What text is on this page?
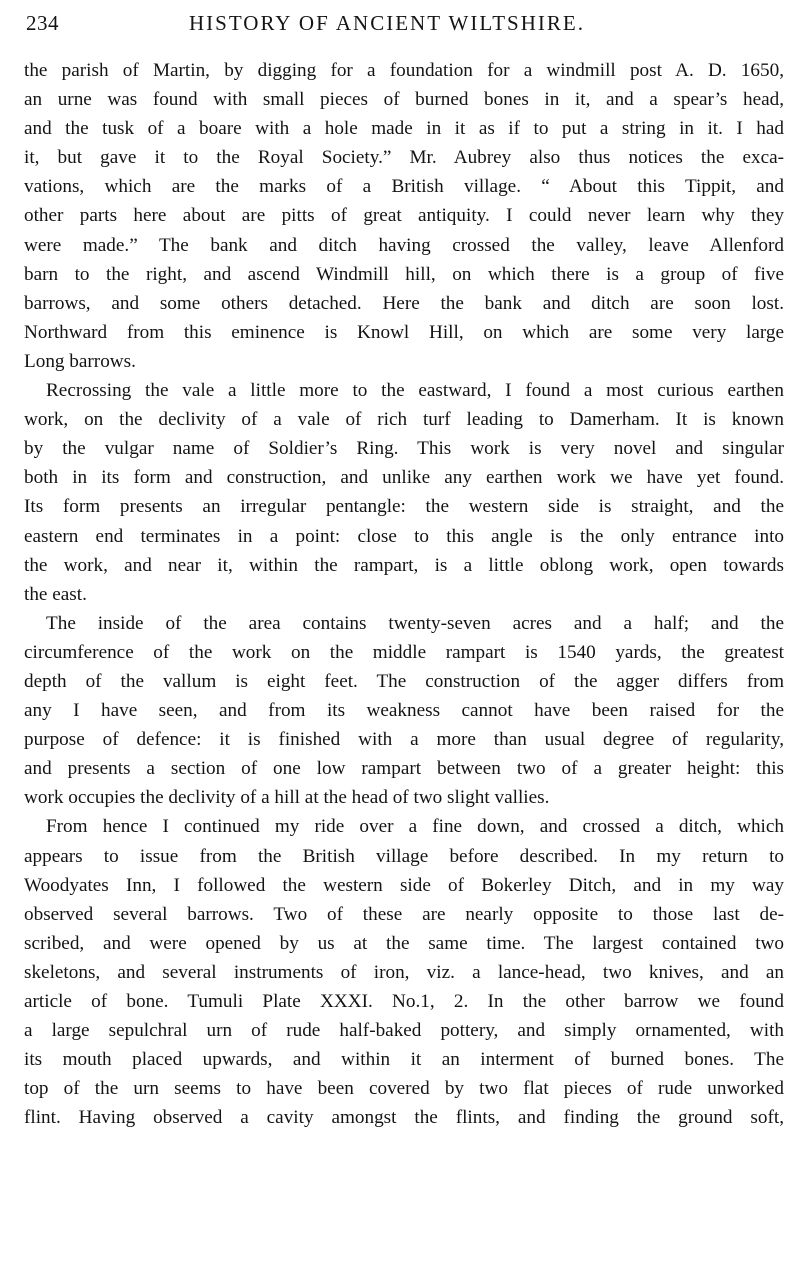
234	HISTORY OF ANCIENT WILTSHIRE.
the parish of Martin, by digging for a foundation for a windmill post A. D. 1650,
an urne was found with small pieces of burned bones in it, and a spear’s head,
and the tusk of a boare with a hole made in it as if to put a string in it. I had
it, but gave it to the Royal Society.” Mr. Aubrey also thus notices the exca-
vations, which are the marks of a British village. “ About this Tippit, and
other parts here about are pitts of great antiquity. I could never learn why they
were made.” The bank and ditch having crossed the valley, leave Allenford
barn to the right, and ascend Windmill hill, on which there is a group of five
barrows, and some others detached. Here the bank and ditch are soon lost.
Northward from this eminence is Knowl Hill, on which are some very large
Long barrows.
Recrossing the vale a little more to the eastward, I found a most curious earthen
work, on the declivity of a vale of rich turf leading to Damerham. It is known
by the vulgar name of Soldier’s Ring. This work is very novel and singular
both in its form and construction, and unlike any earthen work we have yet found.
Its form presents an irregular pentangle: the western side is straight, and the
eastern end terminates in a point: close to this angle is the only entrance into
the work, and near it, within the rampart, is a little oblong work, open towards
the east.
The inside of the area contains twenty-seven acres and a half; and the
circumference of the work on the middle rampart is 1540 yards, the greatest
depth of the vallum is eight feet. The construction of the agger differs from
any I have seen, and from its weakness cannot have been raised for the
purpose of defence: it is finished with a more than usual degree of regularity,
and presents a section of one low rampart between two of a greater height: this
work occupies the declivity of a hill at the head of two slight vallies.
From hence I continued my ride over a fine down, and crossed a ditch, which
appears to issue from the British village before described. In my return to
Woodyates Inn, I followed the western side of Bokerley Ditch, and in my way
observed several barrows. Two of these are nearly opposite to those last de-
scribed, and were opened by us at the same time. The largest contained two
skeletons, and several instruments of iron, viz. a lance-head, two knives, and an
article of bone. Tumuli Plate XXXI. No.1, 2. In the other barrow we found
a large sepulchral urn of rude half-baked pottery, and simply ornamented, with
its mouth placed upwards, and within it an interment of burned bones. The
top of the urn seems to have been covered by two flat pieces of rude unworked
flint. Having observed a cavity amongst the flints, and finding the ground soft,
